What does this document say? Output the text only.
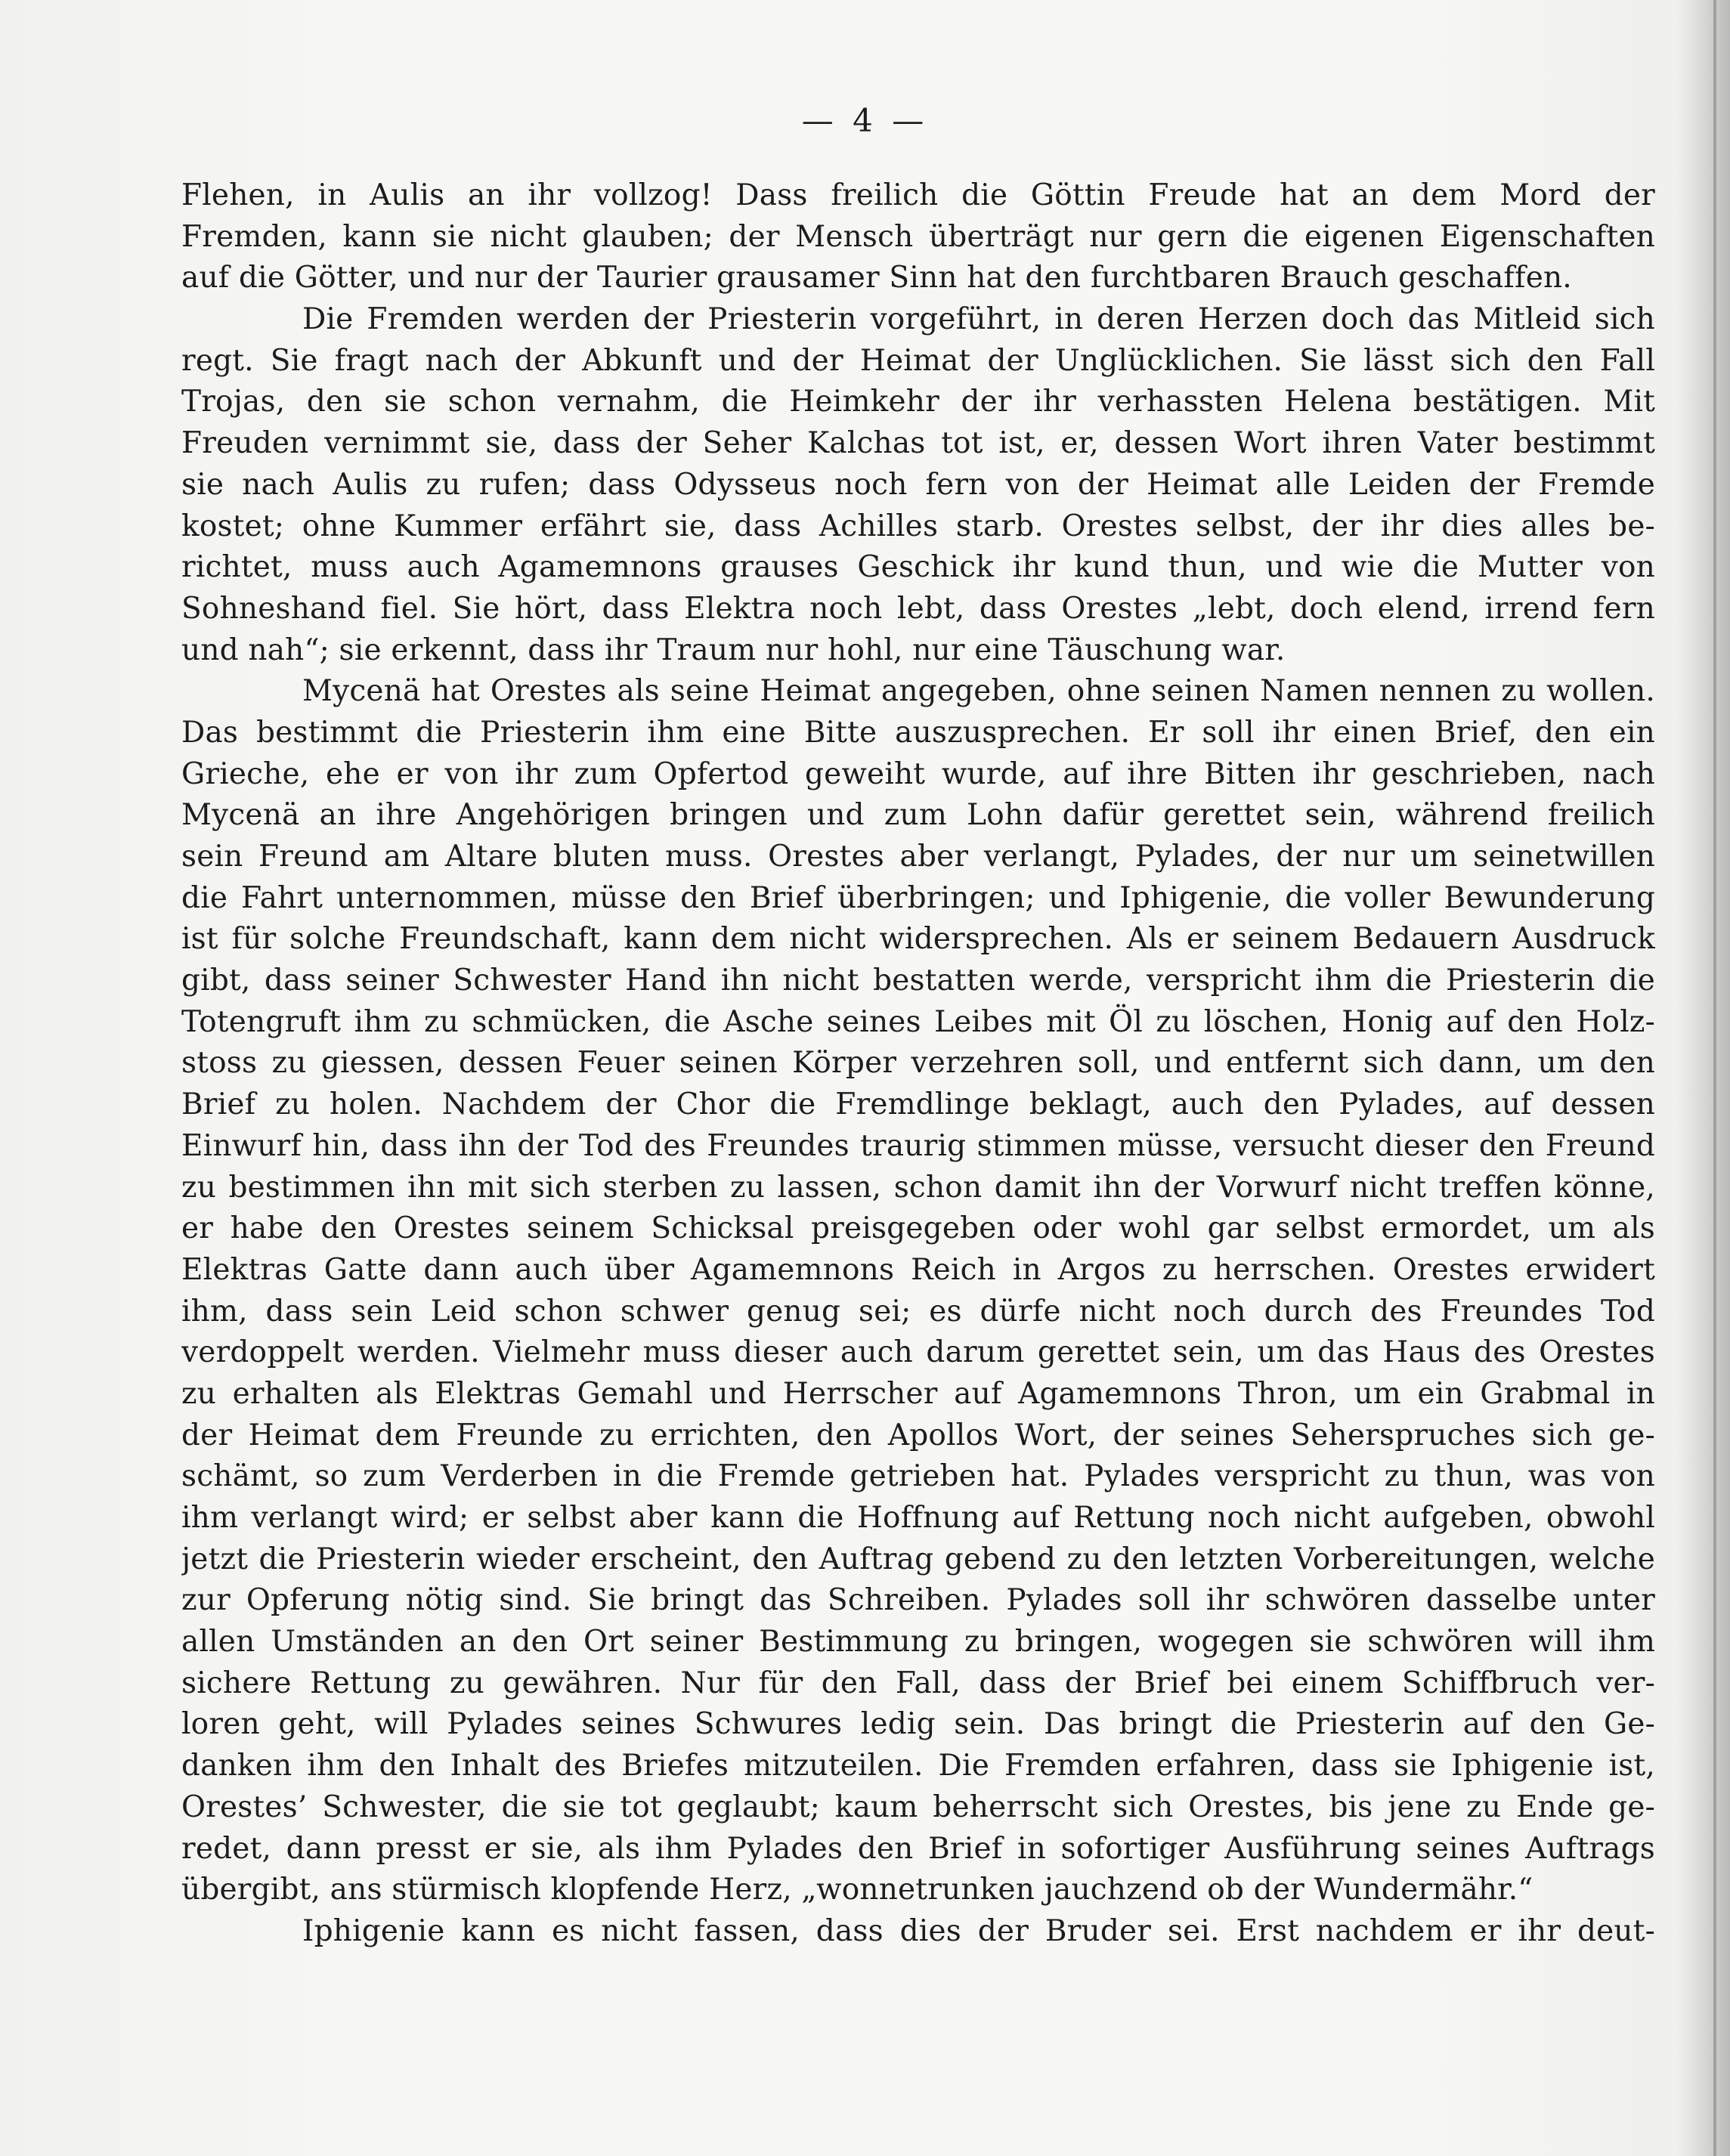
— 4 —
Flehen, in Aulis an ihr vollzog! Dass freilich die Göttin Freude hat an dem Mord der
Fremden, kann sie nicht glauben; der Mensch überträgt nur gern die eigenen Eigenschaften
auf die Götter, und nur der Taurier grausamer Sinn hat den furchtbaren Brauch geschaffen.
Die Fremden werden der Priesterin vorgeführt, in deren Herzen doch das Mitleid sich
regt. Sie fragt nach der Abkunft und der Heimat der Unglücklichen. Sie lässt sich den Fall
Trojas, den sie schon vernahm, die Heimkehr der ihr verhassten Helena bestätigen. Mit
Freuden vernimmt sie, dass der Seher Kalchas tot ist, er, dessen Wort ihren Vater bestimmt
sie nach Aulis zu rufen; dass Odysseus noch fern von der Heimat alle Leiden der Fremde
kostet; ohne Kummer erfährt sie, dass Achilles starb. Orestes selbst, der ihr dies alles be-
richtet, muss auch Agamemnons grauses Geschick ihr kund thun, und wie die Mutter von
Sohneshand fiel. Sie hört, dass Elektra noch lebt, dass Orestes „lebt, doch elend, irrend fern
und nah“; sie erkennt, dass ihr Traum nur hohl, nur eine Täuschung war.
Mycenä hat Orestes als seine Heimat angegeben, ohne seinen Namen nennen zu wollen.
Das bestimmt die Priesterin ihm eine Bitte auszusprechen. Er soll ihr einen Brief, den ein
Grieche, ehe er von ihr zum Opfertod geweiht wurde, auf ihre Bitten ihr geschrieben, nach
Mycenä an ihre Angehörigen bringen und zum Lohn dafür gerettet sein, während freilich
sein Freund am Altare bluten muss. Orestes aber verlangt, Pylades, der nur um seinetwillen
die Fahrt unternommen, müsse den Brief überbringen; und Iphigenie, die voller Bewunderung
ist für solche Freundschaft, kann dem nicht widersprechen. Als er seinem Bedauern Ausdruck
gibt, dass seiner Schwester Hand ihn nicht bestatten werde, verspricht ihm die Priesterin die
Totengruft ihm zu schmücken, die Asche seines Leibes mit Öl zu löschen, Honig auf den Holz-
stoss zu giessen, dessen Feuer seinen Körper verzehren soll, und entfernt sich dann, um den
Brief zu holen. Nachdem der Chor die Fremdlinge beklagt, auch den Pylades, auf dessen
Einwurf hin, dass ihn der Tod des Freundes traurig stimmen müsse, versucht dieser den Freund
zu bestimmen ihn mit sich sterben zu lassen, schon damit ihn der Vorwurf nicht treffen könne,
er habe den Orestes seinem Schicksal preisgegeben oder wohl gar selbst ermordet, um als
Elektras Gatte dann auch über Agamemnons Reich in Argos zu herrschen. Orestes erwidert
ihm, dass sein Leid schon schwer genug sei; es dürfe nicht noch durch des Freundes Tod
verdoppelt werden. Vielmehr muss dieser auch darum gerettet sein, um das Haus des Orestes
zu erhalten als Elektras Gemahl und Herrscher auf Agamemnons Thron, um ein Grabmal in
der Heimat dem Freunde zu errichten, den Apollos Wort, der seines Seherspruches sich ge-
schämt, so zum Verderben in die Fremde getrieben hat. Pylades verspricht zu thun, was von
ihm verlangt wird; er selbst aber kann die Hoffnung auf Rettung noch nicht aufgeben, obwohl
jetzt die Priesterin wieder erscheint, den Auftrag gebend zu den letzten Vorbereitungen, welche
zur Opferung nötig sind. Sie bringt das Schreiben. Pylades soll ihr schwören dasselbe unter
allen Umständen an den Ort seiner Bestimmung zu bringen, wogegen sie schwören will ihm
sichere Rettung zu gewähren. Nur für den Fall, dass der Brief bei einem Schiffbruch ver-
loren geht, will Pylades seines Schwures ledig sein. Das bringt die Priesterin auf den Ge-
danken ihm den Inhalt des Briefes mitzuteilen. Die Fremden erfahren, dass sie Iphigenie ist,
Orestes’ Schwester, die sie tot geglaubt; kaum beherrscht sich Orestes, bis jene zu Ende ge-
redet, dann presst er sie, als ihm Pylades den Brief in sofortiger Ausführung seines Auftrags
übergibt, ans stürmisch klopfende Herz, „wonnetrunken jauchzend ob der Wundermähr.“
Iphigenie kann es nicht fassen, dass dies der Bruder sei. Erst nachdem er ihr deut-
